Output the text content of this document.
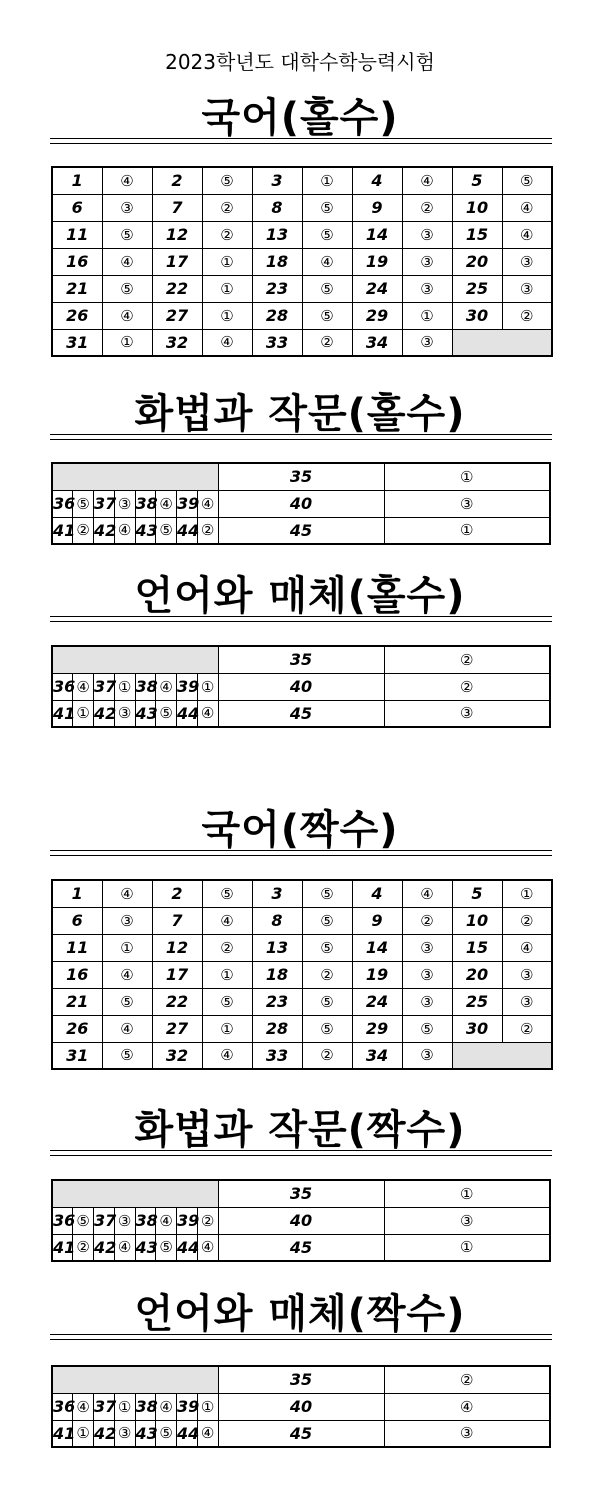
2023학년도 대학수학능력시험
국어(홀수)
1	④	2	⑤	3	①	4	④	5	⑤
6	③	7	②	8	⑤	9	②	10	④
11	⑤	12	②	13	⑤	14	③	15	④
16	④	17	①	18	④	19	③	20	③
21	⑤	22	①	23	⑤	24	③	25	③
26	④	27	①	28	⑤	29	①	30	②
31	①	32	④	33	②	34	③		
화법과 작문(홀수)
								35	①
36	⑤	37	③	38	④	39	④	40	③
41	②	42	④	43	⑤	44	②	45	①
언어와 매체(홀수)
								35	②
36	④	37	①	38	④	39	①	40	②
41	①	42	③	43	⑤	44	④	45	③
국어(짝수)
1	④	2	⑤	3	⑤	4	④	5	①
6	③	7	④	8	⑤	9	②	10	②
11	①	12	②	13	⑤	14	③	15	④
16	④	17	①	18	②	19	③	20	③
21	⑤	22	⑤	23	⑤	24	③	25	③
26	④	27	①	28	⑤	29	⑤	30	②
31	⑤	32	④	33	②	34	③		
화법과 작문(짝수)
								35	①
36	⑤	37	③	38	④	39	②	40	③
41	②	42	④	43	⑤	44	④	45	①
언어와 매체(짝수)
								35	②
36	④	37	①	38	④	39	①	40	④
41	①	42	③	43	⑤	44	④	45	③
